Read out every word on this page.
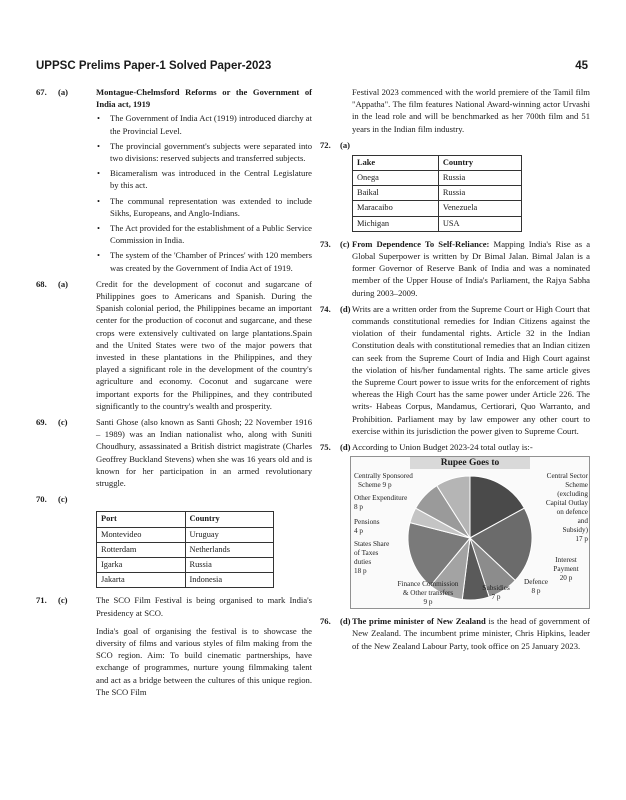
UPPSC Prelims Paper-1 Solved Paper-2023	45
67. (a)	Montague-Chelmsford Reforms or the Government of India act, 1919
• The Government of India Act (1919) introduced diarchy at the Provincial Level.
• The provincial government's subjects were separated into two divisions: reserved subjects and transferred subjects.
• Bicameralism was introduced in the Central Legislature by this act.
• The communal representation was extended to include Sikhs, Europeans, and Anglo-Indians.
• The Act provided for the establishment of a Public Service Commission in India.
• The system of the 'Chamber of Princes' with 120 members was created by the Government of India Act of 1919.
68. (a)	Credit for the development of coconut and sugarcane of Philippines goes to Americans and Spanish. During the Spanish colonial period, the Philippines became an important center for the production of coconut and sugarcane, and these crops were extensively cultivated on large plantations.Spain and the United States were two of the major powers that invested in these plantations in the Philippines, and they played a significant role in the development of the country's agriculture and economy. Coconut and sugarcane were important exports for the Philippines, and they contributed significantly to the country's wealth and prosperity.
69. (c)	Santi Ghose (also known as Santi Ghosh; 22 November 1916 – 1989) was an Indian nationalist who, along with Suniti Choudhury, assassinated a British district magistrate (Charles Geoffrey Buckland Stevens) when she was 16 years old and is known for her participation in an armed revolutionary struggle.
70. (c)
Port	Country
Montevideo	Uruguay
Rotterdam	Netherlands
Igarka	Russia
Jakarta	Indonesia
71. (c)	The SCO Film Festival is being organised to mark India's Presidency at SCO.
India's goal of organising the festival is to showcase the diversity of films and various styles of film making from the SCO region. Aim: To build cinematic partnerships, have exchange of programmes, nurture young filmmaking talent and act as a bridge between the cultures of this unique region. The SCO Film
Festival 2023 commenced with the world premiere of the Tamil film "Appatha". The film features National Award-winning actor Urvashi in the lead role and will be benchmarked as her 700th film and 51 years in the Indian film industry.
72. (a)
Lake	Country
Onega	Russia
Baikal	Russia
Maracaibo	Venezuela
Michigan	USA
73. (c) From Dependence To Self-Reliance: Mapping India's Rise as a Global Superpower is written by Dr Bimal Jalan. Bimal Jalan is a former Governor of Reserve Bank of India and was a nominated member of the Upper House of India's Parliament, the Rajya Sabha during 2003–2009.
74. (d) Writs are a written order from the Supreme Court or High Court that commands constitutional remedies for Indian Citizens against the violation of their fundamental rights. Article 32 in the Indian Constitution deals with constitutional remedies that an Indian citizen can seek from the Supreme Court of India and High Court against the violation of his/her fundamental rights. The same article gives the Supreme Court power to issue writs for the enforcement of rights whereas the High Court has the same power under Article 226. The writs- Habeas Corpus, Mandamus, Certiorari, Quo Warranto, and Prohibition. Parliament may by law empower any other court to exercise within its jurisdiction the power given to Supreme Court.
75. (d) According to Union Budget 2023-24 total outlay is:-
Rupee Goes to
Centrally Sponsored
Scheme 9 p
Other Expenditure
8 p
Pensions
4 p
States Share
of Taxes
duties
18 p
Central Sector Scheme
(excluding
Capital Outlay
on defence
and
Subsidy)
17 p
Interest
Payment
20 p
Finance Commission
& Other transfers
9 p
Subsidies
7 p
Defence
8 p
76. (d) The prime minister of New Zealand is the head of government of New Zealand. The incumbent prime minister, Chris Hipkins, leader of the New Zealand Labour Party, took office on 25 January 2023.
